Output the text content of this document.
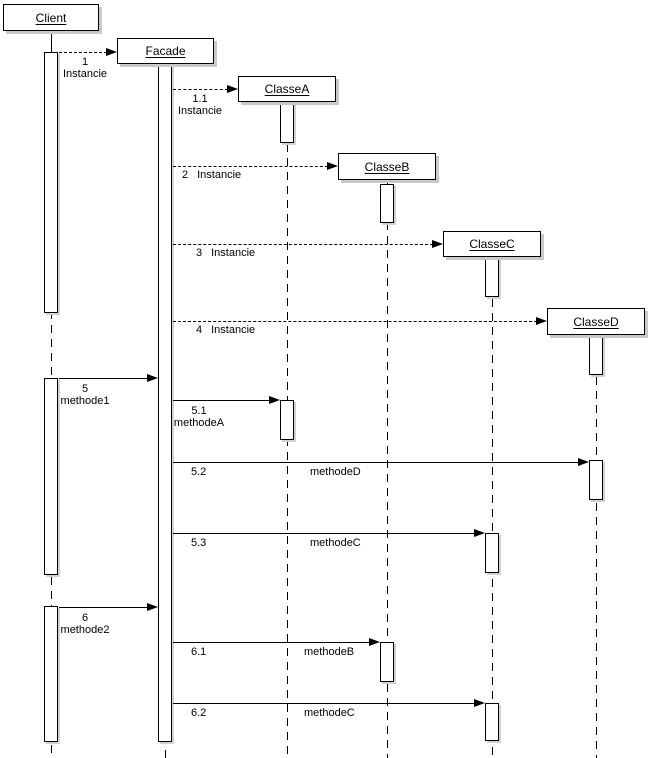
1
Instancie
1.1
Instancie
2 Instancie
3 Instancie
4 Instancie
5
methode1
5.1
methodeA
5.2	methodeD
5.3	methodeC
6
methode2
6.1	methodeB
6.2	methodeC
Client
Facade
ClasseA
ClasseB
ClasseC
ClasseD
